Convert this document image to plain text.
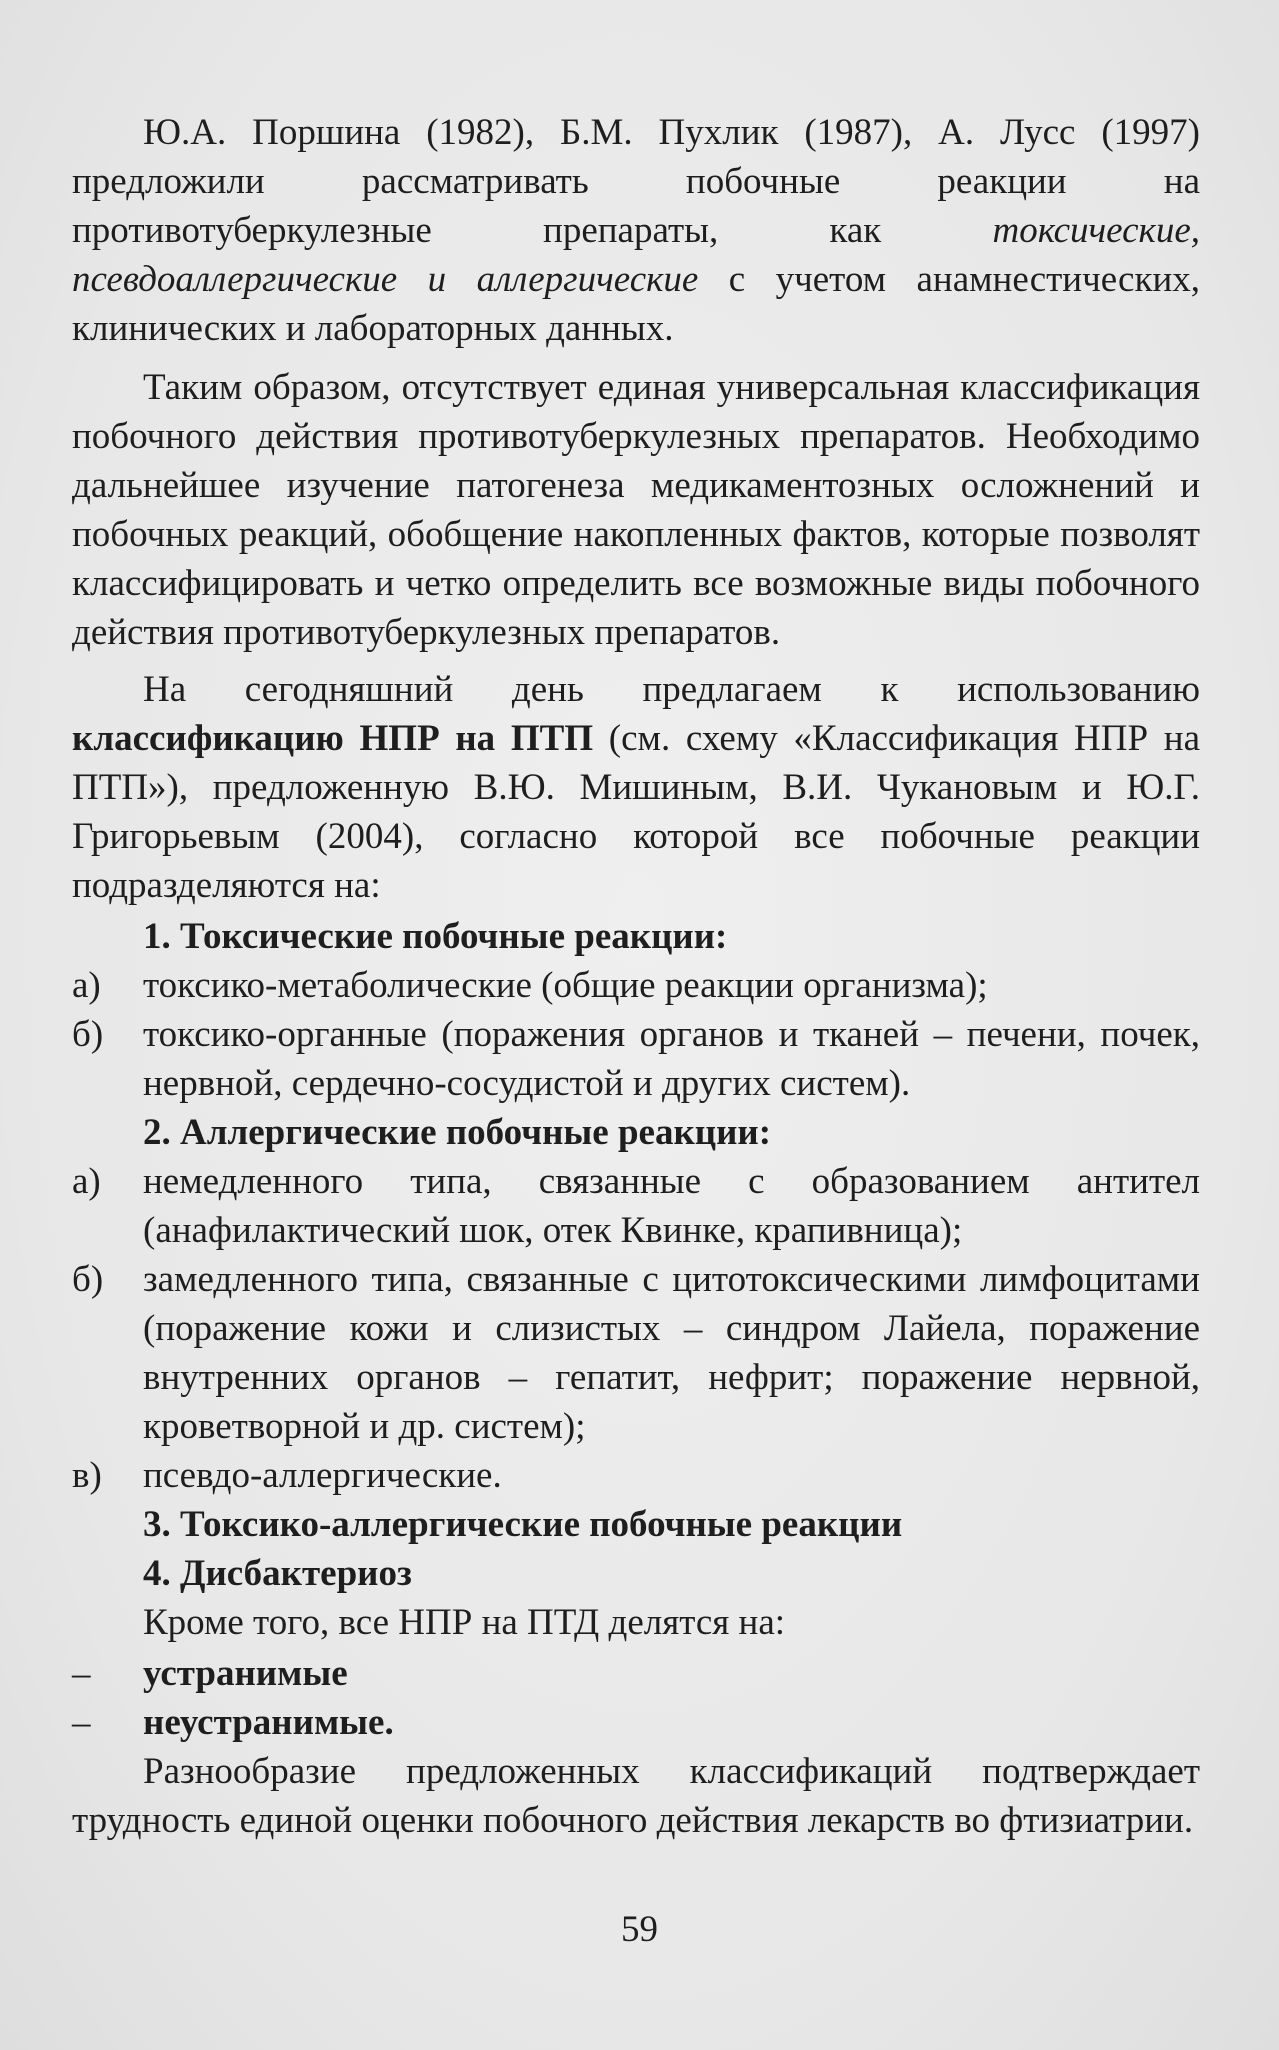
Ю.А. Поршина (1982), Б.М. Пухлик (1987), А. Лусс (1997) предложили рассматривать побочные реакции на противотуберкулезные препараты, как токсические, псевдоаллергические и аллергические с учетом анамнестических, клинических и лабораторных данных.

Таким образом, отсутствует единая универсальная классификация побочного действия противотуберкулезных препаратов. Необходимо дальнейшее изучение патогенеза медикаментозных осложнений и побочных реакций, обобщение накопленных фактов, которые позволят классифицировать и четко определить все возможные виды побочного действия противотуберкулезных препаратов.

На сегодняшний день предлагаем к использованию классификацию НПР на ПТП (см. схему «Классификация НПР на ПТП»), предложенную В.Ю. Мишиным, В.И. Чукановым и Ю.Г. Григорьевым (2004), согласно которой все побочные реакции подразделяются на:

1. Токсические побочные реакции:

а)	токсико-метаболические (общие реакции организма);
б)	токсико-органные (поражения органов и тканей – печени, почек, нервной, сердечно-сосудистой и других систем).

2. Аллергические побочные реакции:

а)	немедленного типа, связанные с образованием антител (анафилактический шок, отек Квинке, крапивница);
б)	замедленного типа, связанные с цитотоксическими лимфоцитами (поражение кожи и слизистых – синдром Лайела, поражение внутренних органов – гепатит, нефрит; поражение нервной, кроветворной и др. систем);
в)	псевдо-аллергические.

3. Токсико-аллергические побочные реакции

4. Дисбактериоз

Кроме того, все НПР на ПТД делятся на:

–	устранимые
–	неустранимые.

Разнообразие предложенных классификаций подтверждает трудность единой оценки побочного действия лекарств во фтизиатрии.

59
